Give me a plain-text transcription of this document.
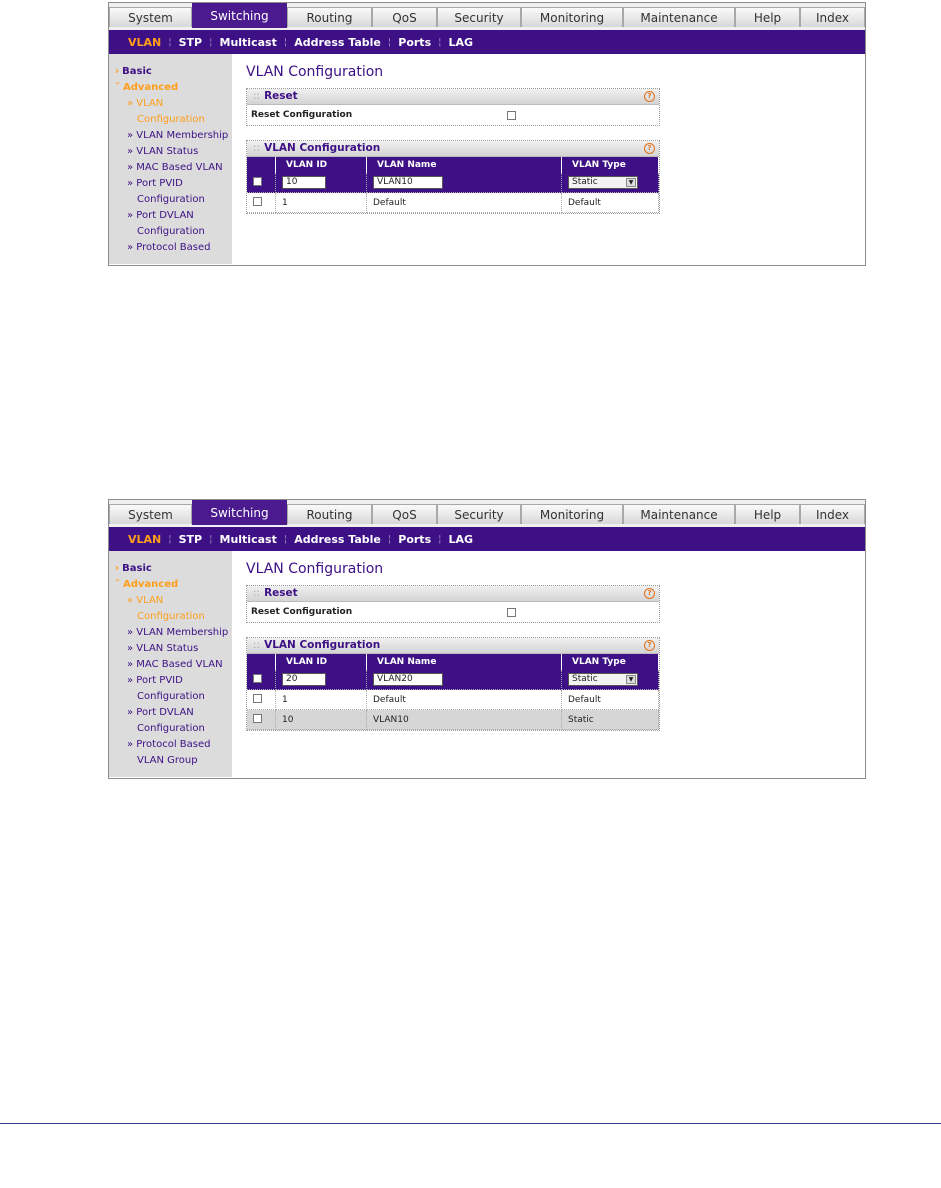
System	Switching	Routing	QoS	Security	Monitoring	Maintenance	Help	Index
VLAN ¦ STP ¦ Multicast ¦ Address Table ¦ Ports ¦ LAG
› Basic
˅ Advanced
» VLAN
Configuration
» VLAN Membership
» VLAN Status
» MAC Based VLAN
» Port PVID
Configuration
» Port DVLAN
Configuration
» Protocol Based
VLAN Configuration
:: Reset	?
Reset Configuration
:: VLAN Configuration	?
	VLAN ID	VLAN Name	VLAN Type
	10	VLAN10	Static ▼

	1	Default	Default
System	Switching	Routing	QoS	Security	Monitoring	Maintenance	Help	Index
VLAN ¦ STP ¦ Multicast ¦ Address Table ¦ Ports ¦ LAG
› Basic
˅ Advanced
» VLAN
Configuration
» VLAN Membership
» VLAN Status
» MAC Based VLAN
» Port PVID
Configuration
» Port DVLAN
Configuration
» Protocol Based
VLAN Group
VLAN Configuration
:: Reset	?
Reset Configuration
:: VLAN Configuration	?
	VLAN ID	VLAN Name	VLAN Type
	20	VLAN20	Static ▼

	1	Default	Default
	10	VLAN10	Static
